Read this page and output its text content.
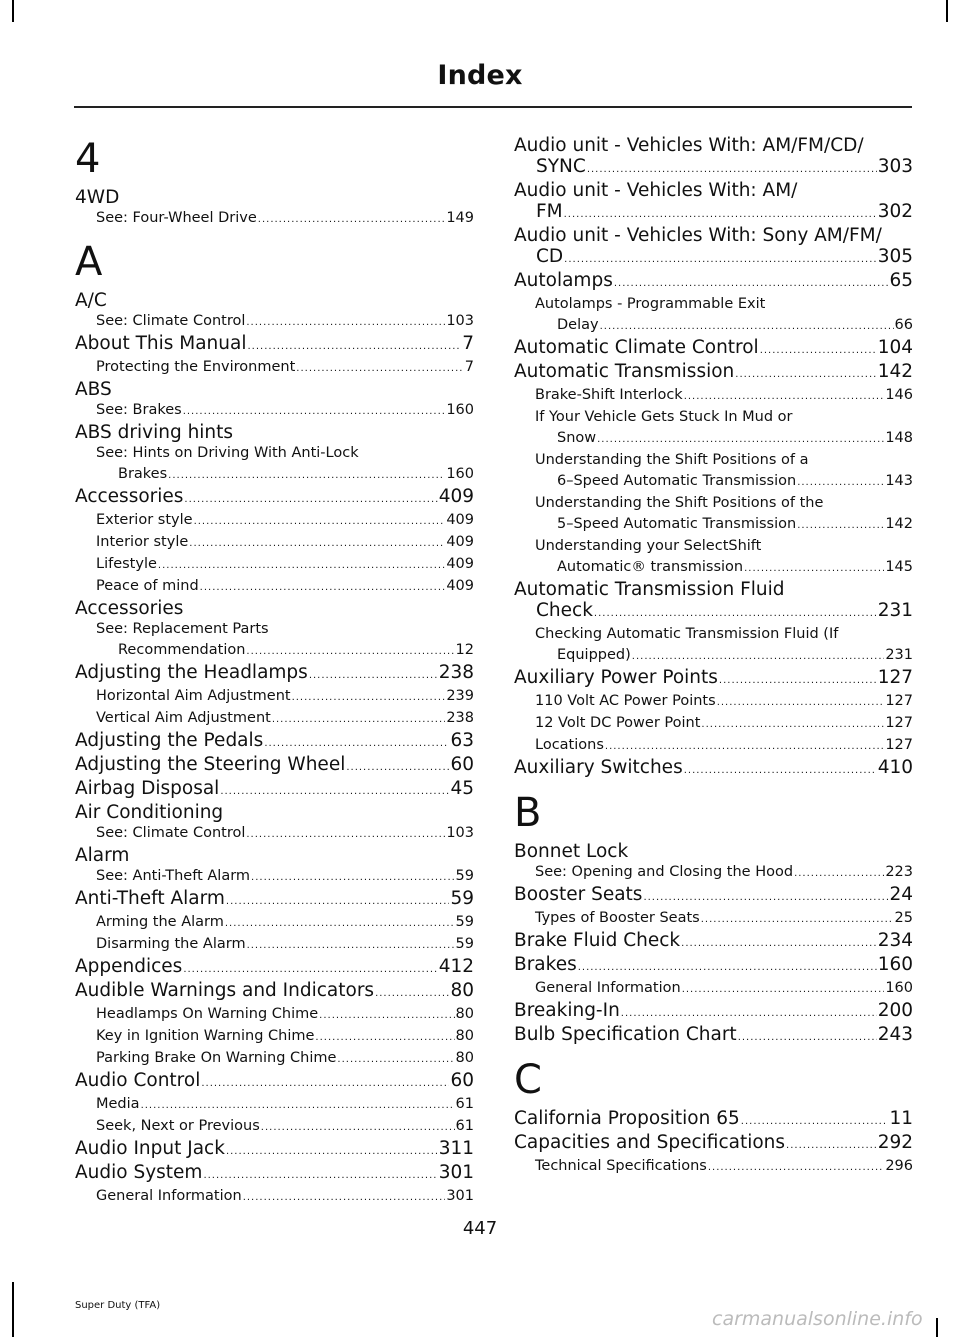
Index
4
4WD
See: Four-Wheel Drive .....	149
A
A/C
See: Climate Control .....	103
About This Manual .....	7
Protecting the Environment .....	7
ABS
See: Brakes .....	160
ABS driving hints
See: Hints on Driving With Anti-Lock
Brakes .....	160
Accessories .....	409
Exterior style .....	409
Interior style .....	409
Lifestyle .....	409
Peace of mind .....	409
Accessories
See: Replacement Parts
Recommendation .....	12
Adjusting the Headlamps .....	238
Horizontal Aim Adjustment .....	239
Vertical Aim Adjustment .....	238
Adjusting the Pedals .....	63
Adjusting the Steering Wheel .....	60
Airbag Disposal .....	45
Air Conditioning
See: Climate Control .....	103
Alarm
See: Anti-Theft Alarm .....	59
Anti-Theft Alarm .....	59
Arming the Alarm .....	59
Disarming the Alarm .....	59
Appendices .....	412
Audible Warnings and Indicators .....	80
Headlamps On Warning Chime .....	80
Key in Ignition Warning Chime .....	80
Parking Brake On Warning Chime .....	80
Audio Control .....	60
Media .....	61
Seek, Next or Previous .....	61
Audio Input Jack .....	311
Audio System .....	301
General Information .....	301
Audio unit - Vehicles With: AM/FM/CD/
SYNC .....	303
Audio unit - Vehicles With: AM/
FM .....	302
Audio unit - Vehicles With: Sony AM/FM/
CD .....	305
Autolamps .....	65
Autolamps - Programmable Exit
Delay .....	66
Automatic Climate Control .....	104
Automatic Transmission .....	142
Brake-Shift Interlock .....	146
If Your Vehicle Gets Stuck In Mud or
Snow .....	148
Understanding the Shift Positions of a
6–Speed Automatic Transmission .....	143
Understanding the Shift Positions of the
5–Speed Automatic Transmission .....	142
Understanding your SelectShift
Automatic® transmission .....	145
Automatic Transmission Fluid
Check .....	231
Checking Automatic Transmission Fluid (If
Equipped) .....	231
Auxiliary Power Points .....	127
110 Volt AC Power Points .....	127
12 Volt DC Power Point .....	127
Locations .....	127
Auxiliary Switches .....	410
B
Bonnet Lock
See: Opening and Closing the Hood .....	223
Booster Seats .....	24
Types of Booster Seats .....	25
Brake Fluid Check .....	234
Brakes .....	160
General Information .....	160
Breaking-In .....	200
Bulb Specification Chart .....	243
C
California Proposition 65 .....	11
Capacities and Specifications .....	292
Technical Specifications .....	296
447
Super Duty (TFA)
carmanualsonline.info
